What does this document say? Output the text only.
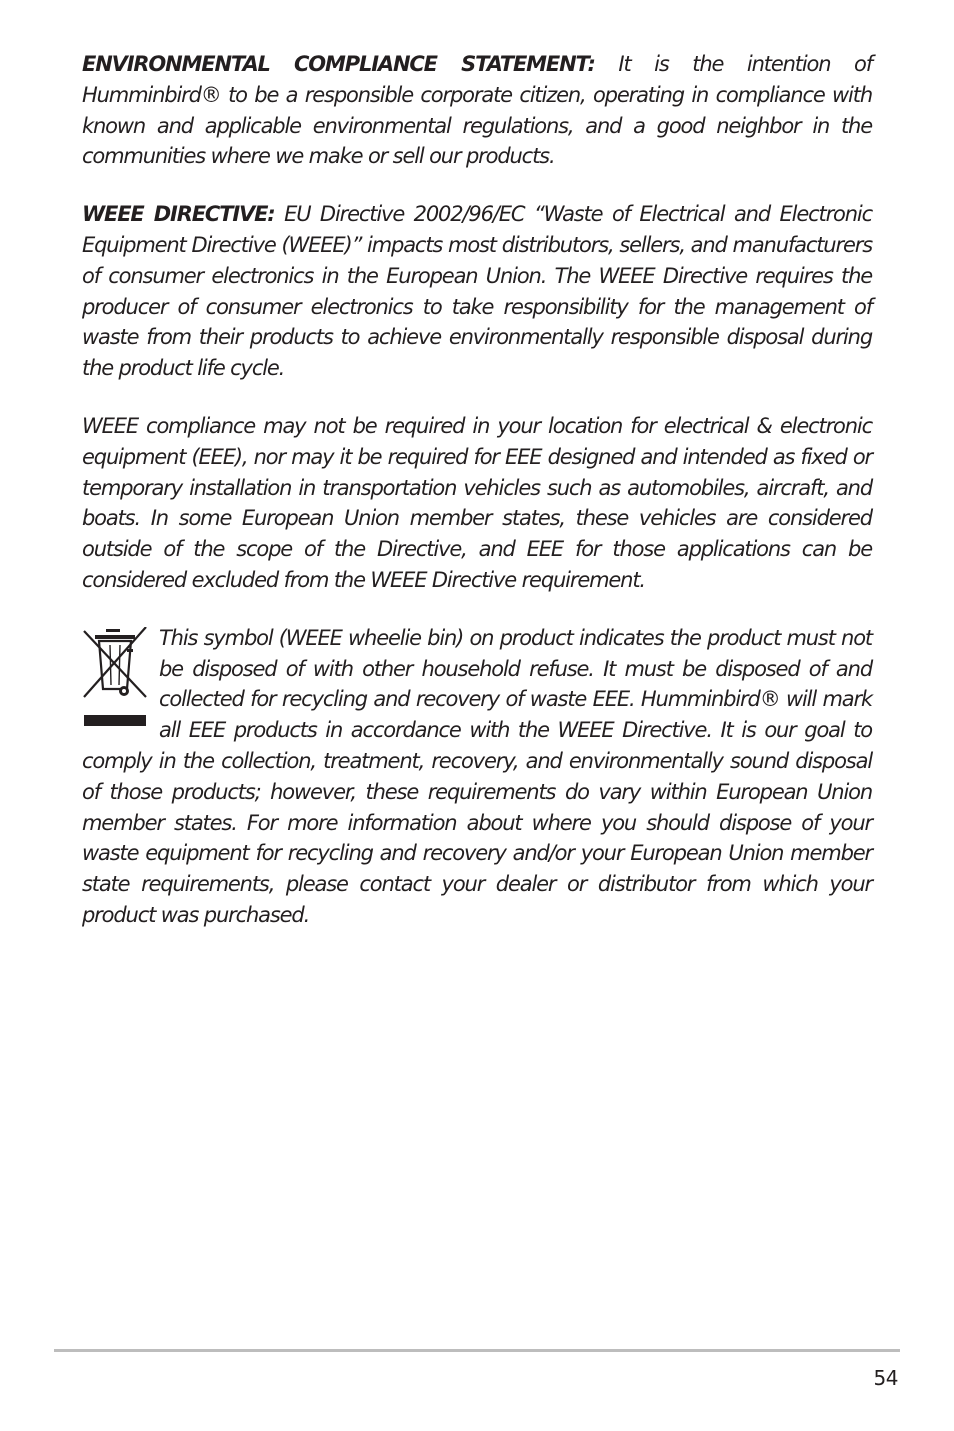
ENVIRONMENTAL COMPLIANCE STATEMENT: It is the intention of Humminbird® to be a responsible corporate citizen, operating in compliance with known and applicable environmental regulations, and a good neighbor in the communities where we make or sell our products.

WEEE DIRECTIVE: EU Directive 2002/96/EC “Waste of Electrical and Electronic Equipment Directive (WEEE)” impacts most distributors, sellers, and manufacturers of consumer electronics in the European Union. The WEEE Directive requires the producer of consumer electronics to take responsibility for the management of waste from their products to achieve environmentally responsible disposal during the product life cycle.

WEEE compliance may not be required in your location for electrical & electronic equipment (EEE), nor may it be required for EEE designed and intended as fixed or temporary installation in transportation vehicles such as automobiles, aircraft, and boats. In some European Union member states, these vehicles are considered outside of the scope of the Directive, and EEE for those applications can be considered excluded from the WEEE Directive requirement.

This symbol (WEEE wheelie bin) on product indicates the product must not be disposed of with other household refuse. It must be disposed of and collected for recycling and recovery of waste EEE. Humminbird® will mark all EEE products in accordance with the WEEE Directive. It is our goal to comply in the collection, treatment, recovery, and environmentally sound disposal of those products; however, these requirements do vary within European Union member states. For more information about where you should dispose of your waste equipment for recycling and recovery and/or your European Union member state requirements, please contact your dealer or distributor from which your product was purchased.
54
